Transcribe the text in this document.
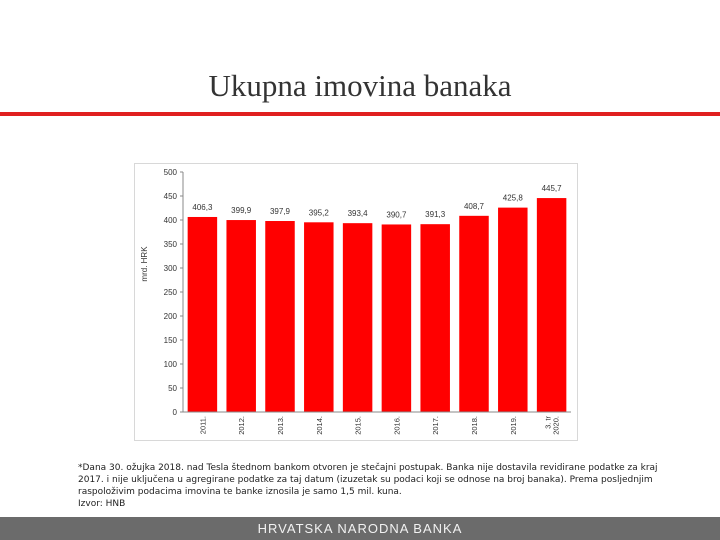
Ukupna imovina banaka
0
50
100
150
200
250
300
350
400
450
500
406,3 399,9 397,9 395,2 393,4 390,7 391,3
408,7
425,8
445,7
2011.	2012.	2013.	2014.	2015.	2016.	2017.	2018.	2019.	3. tr2020.
mrd. HRK
*Dana 30. ožujka 2018. nad Tesla štednom bankom otvoren je stečajni postupak. Banka nije dostavila revidirane podatke za kraj
2017. i nije uključena u agregirane podatke za taj datum (izuzetak su podaci koji se odnose na broj banaka). Prema posljednjim
raspoloživim podacima imovina te banke iznosila je samo 1,5 mil. kuna.
Izvor: HNB
HRVATSKA NARODNA BANKA
